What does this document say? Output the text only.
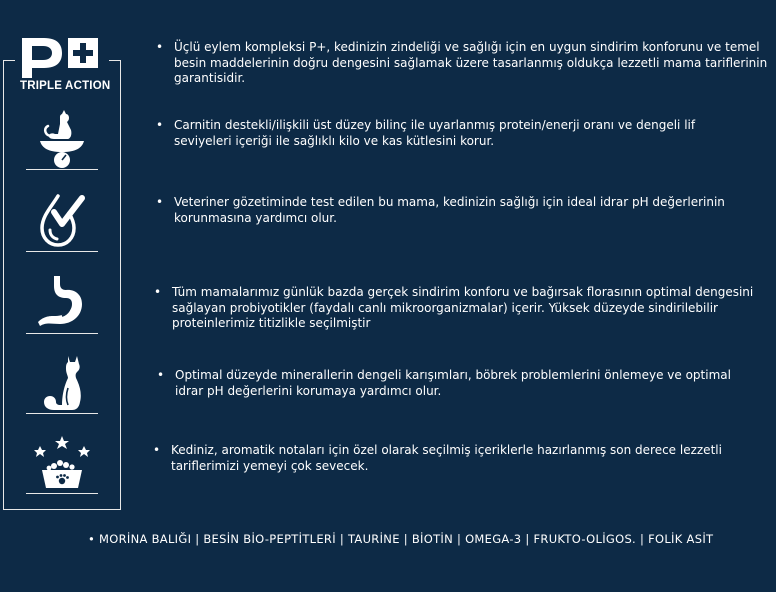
TRIPLE ACTION
• Üçlü eylem kompleksi P+, kedinizin zindeliği ve sağlığı için en uygun sindirim konforunu ve temel besin maddelerinin doğru dengesini sağlamak üzere tasarlanmış oldukça lezzetli mama tariflerinin garantisidir.
• Carnitin destekli/ilişkili üst düzey bilinç ile uyarlanmış protein/enerji oranı ve dengeli lif seviyeleri içeriği ile sağlıklı kilo ve kas kütlesini korur.
• Veteriner gözetiminde test edilen bu mama, kedinizin sağlığı için ideal idrar pH değerlerinin korunmasına yardımcı olur.
• Tüm mamalarımız günlük bazda gerçek sindirim konforu ve bağırsak florasının optimal dengesini sağlayan probiyotikler (faydalı canlı mikroorganizmalar) içerir. Yüksek düzeyde sindirilebilir proteinlerimiz titizlikle seçilmiştir
• Optimal düzeyde minerallerin dengeli karışımları, böbrek problemlerini önlemeye ve optimal idrar pH değerlerini korumaya yardımcı olur.
• Kediniz, aromatik notaları için özel olarak seçilmiş içeriklerle hazırlanmış son derece lezzetli tariflerimizi yemeyi çok sevecek.
• MORİNA BALIĞI | BESİN BİO-PEPTİTLERİ | TAURİNE | BİOTİN | OMEGA-3 | FRUKTO-OLİGOS. | FOLİK ASİT
